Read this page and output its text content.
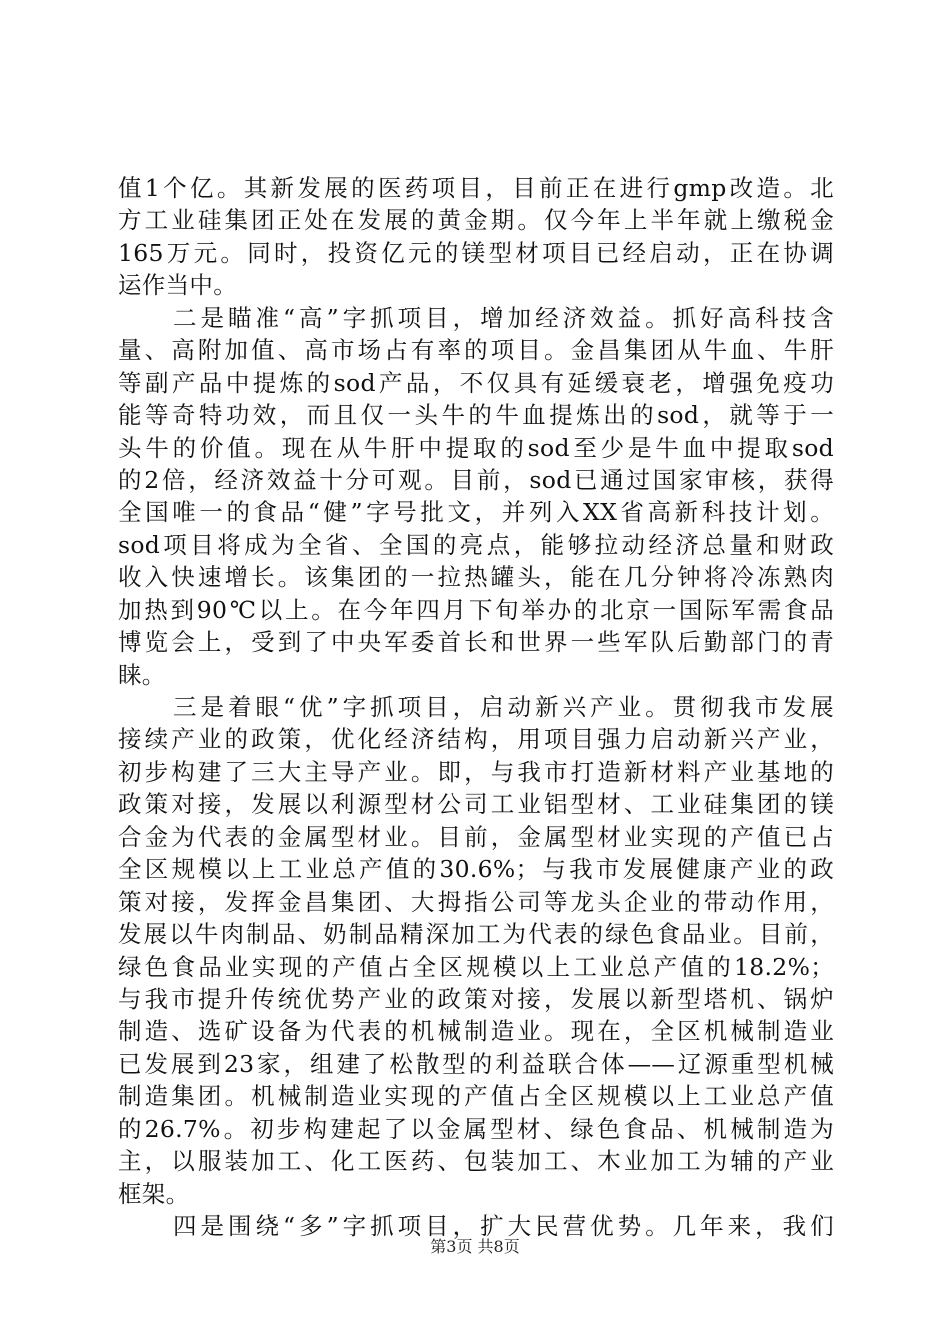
值1个亿。其新发展的医药项目，目前正在进行gmp改造。北
方工业硅集团正处在发展的黄金期。仅今年上半年就上缴税金
165万元。同时，投资亿元的镁型材项目已经启动，正在协调
运作当中。
　　二是瞄准“高”字抓项目，增加经济效益。抓好高科技含
量、高附加值、高市场占有率的项目。金昌集团从牛血、牛肝
等副产品中提炼的sod产品，不仅具有延缓衰老，增强免疫功
能等奇特功效，而且仅一头牛的牛血提炼出的sod，就等于一
头牛的价值。现在从牛肝中提取的sod至少是牛血中提取sod
的2倍，经济效益十分可观。目前，sod已通过国家审核，获得
全国唯一的食品“健”字号批文，并列入XX省高新科技计划。
sod项目将成为全省、全国的亮点，能够拉动经济总量和财政
收入快速增长。该集团的一拉热罐头，能在几分钟将冷冻熟肉
加热到90℃以上。在今年四月下旬举办的北京一国际军需食品
博览会上，受到了中央军委首长和世界一些军队后勤部门的青
睐。
　　三是着眼“优”字抓项目，启动新兴产业。贯彻我市发展
接续产业的政策，优化经济结构，用项目强力启动新兴产业，
初步构建了三大主导产业。即，与我市打造新材料产业基地的
政策对接，发展以利源型材公司工业铝型材、工业硅集团的镁
合金为代表的金属型材业。目前，金属型材业实现的产值已占
全区规模以上工业总产值的30.6%；与我市发展健康产业的政
策对接，发挥金昌集团、大拇指公司等龙头企业的带动作用，
发展以牛肉制品、奶制品精深加工为代表的绿色食品业。目前，
绿色食品业实现的产值占全区规模以上工业总产值的18.2%；
与我市提升传统优势产业的政策对接，发展以新型塔机、锅炉
制造、选矿设备为代表的机械制造业。现在，全区机械制造业
已发展到23家，组建了松散型的利益联合体——辽源重型机械
制造集团。机械制造业实现的产值占全区规模以上工业总产值
的26.7%。初步构建起了以金属型材、绿色食品、机械制造为
主，以服装加工、化工医药、包装加工、木业加工为辅的产业
框架。
　　四是围绕“多”字抓项目，扩大民营优势。几年来，我们
第3页 共8页
